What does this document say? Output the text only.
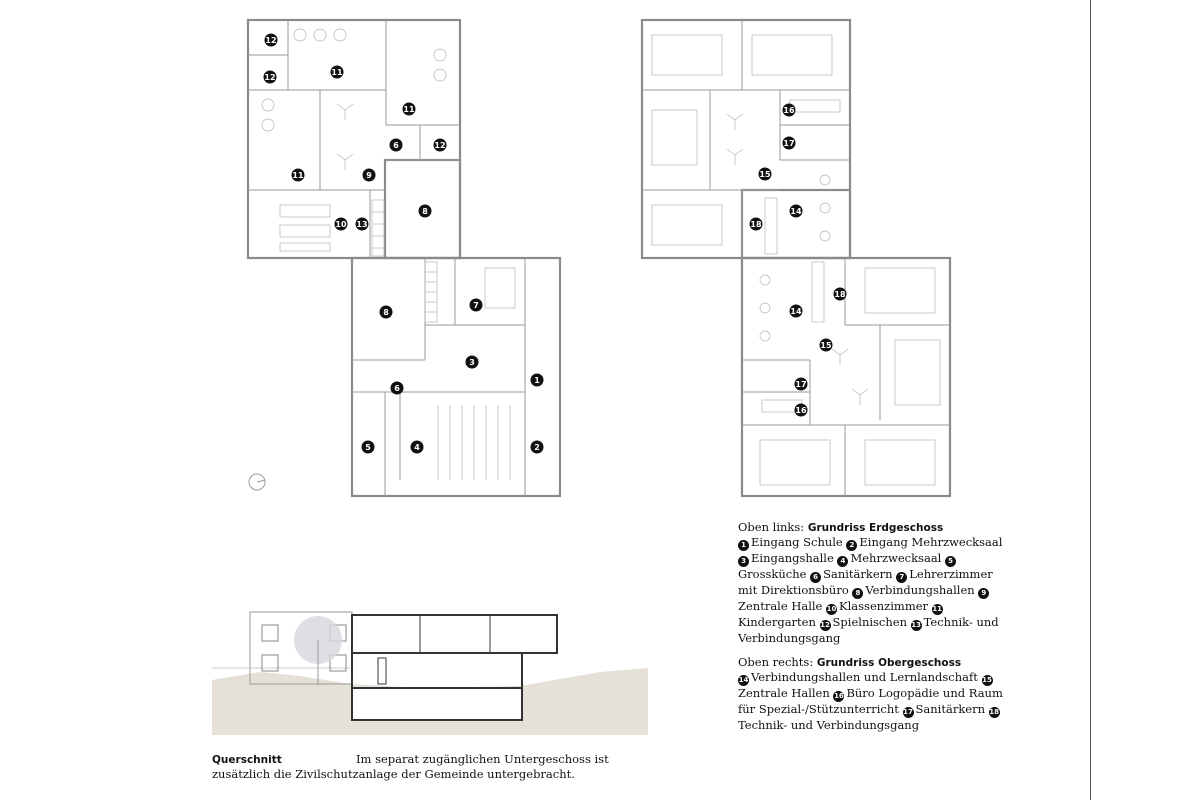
12
12
11
11
11
6	12
9
8
10 13
8
7
3
1
6
5	4	2
16
17
15
14
18
18
14
15
17
16
Oben links: Grundriss Erdgeschoss
1 Eingang Schule 2 Eingang Mehrzwecksaal 3 Eingangshalle 4 Mehrzwecksaal 5Grossküche 6 Sanitärkern 7 Lehrerzimmer mit Direktionsbüro 8 Verbindungshallen 9Zentrale Halle 10 Klassenzimmer 11Kindergarten 12 Spielnischen 13 Technik- und Verbindungsgang
Oben rechts: Grundriss Obergeschoss
14 Verbindungshallen und Lernlandschaft 15Zentrale Hallen 16 Büro Logopädie und Raum für Spezial-/Stützunterricht 17 Sanitärkern 18Technik- und Verbindungsgang
Querschnitt	Im separat zugänglichen Untergeschoss ist zusätzlich die Zivilschutzanlage der Gemeinde untergebracht.
